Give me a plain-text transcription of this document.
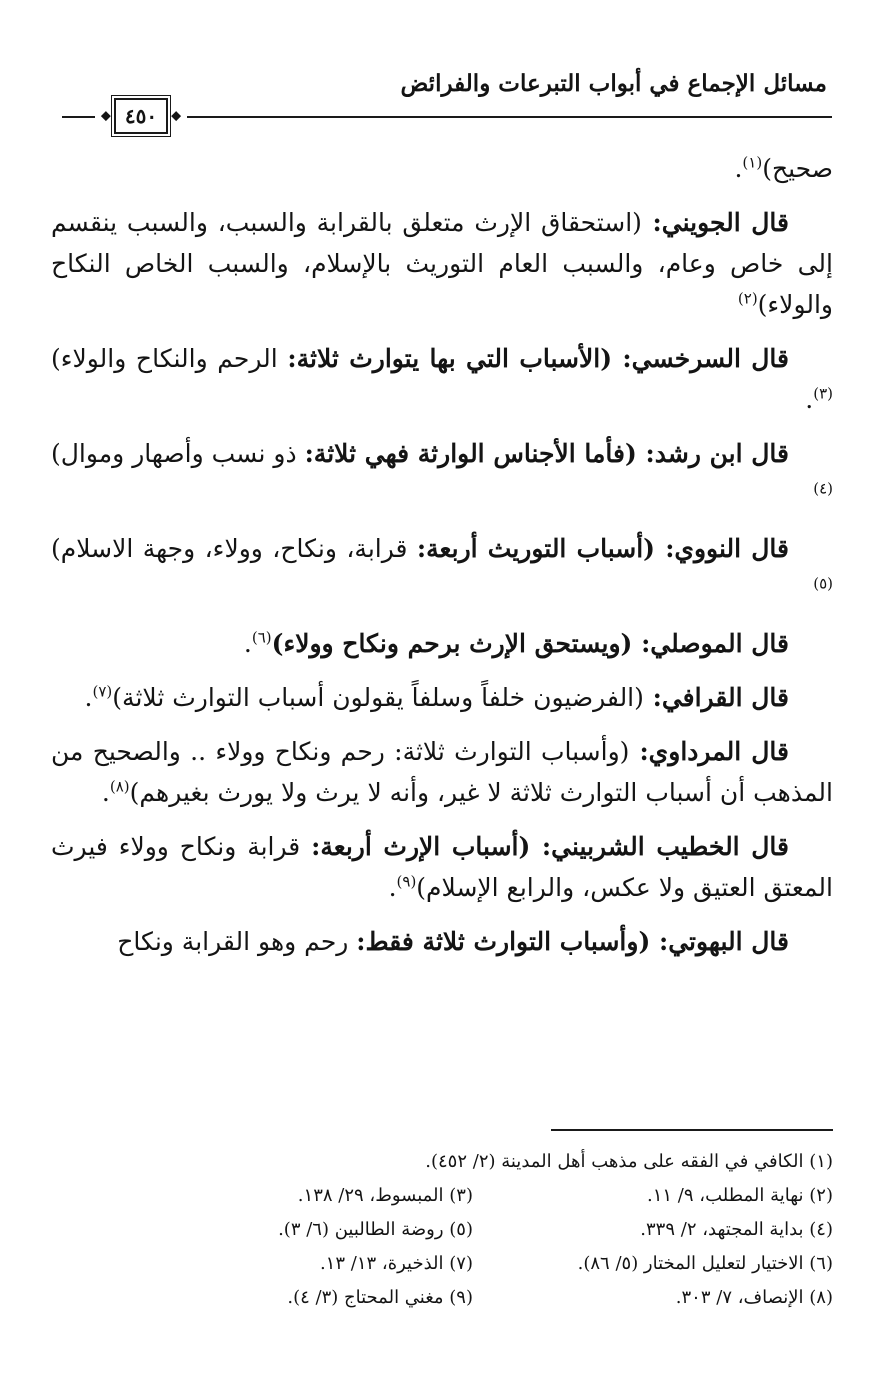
مسائل الإجماع في أبواب التبرعات والفرائض
◆ ٤٥٠ ◆

صحيح)$^{(١)}$.

قال الجويني: (استحقاق الإرث متعلق بالقرابة والسبب، والسبب ينقسم إلى خاص وعام، والسبب العام التوريث بالإسلام، والسبب الخاص النكاح والولاء)$^{(٢)}$

قال السرخسي: (الأسباب التي بها يتوارث ثلاثة: الرحم والنكاح والولاء)$^{(٣)}$.

قال ابن رشد: (فأما الأجناس الوارثة فهي ثلاثة: ذو نسب وأصهار وموال)$^{(٤)}$

قال النووي: (أسباب التوريث أربعة: قرابة، ونكاح، وولاء، وجهة الاسلام)$^{(٥)}$

قال الموصلي: (ويستحق الإرث برحم ونكاح وولاء)$^{(٦)}$.

قال القرافي: (الفرضيون خلفاً وسلفاً يقولون أسباب التوارث ثلاثة)$^{(٧)}$.

قال المرداوي: (وأسباب التوارث ثلاثة: رحم ونكاح وولاء .. والصحيح من المذهب أن أسباب التوارث ثلاثة لا غير، وأنه لا يرث ولا يورث بغيرهم)$^{(٨)}$.

قال الخطيب الشربيني: (أسباب الإرث أربعة: قرابة ونكاح وولاء فيرث المعتق العتيق ولا عكس، والرابع الإسلام)$^{(٩)}$.

قال البهوتي: (وأسباب التوارث ثلاثة فقط: رحم وهو القرابة ونكاح

(١) الكافي في الفقه على مذهب أهل المدينة (٢/ ٤٥٢).
(٢) نهاية المطلب، ٩/ ١١.
(٣) المبسوط، ٢٩/ ١٣٨.
(٤) بداية المجتهد، ٢/ ٣٣٩.
(٥) روضة الطالبين (٦/ ٣).
(٦) الاختيار لتعليل المختار (٥/ ٨٦).
(٧) الذخيرة، ١٣/ ١٣.
(٨) الإنصاف، ٧/ ٣٠٣.
(٩) مغني المحتاج (٣/ ٤).
